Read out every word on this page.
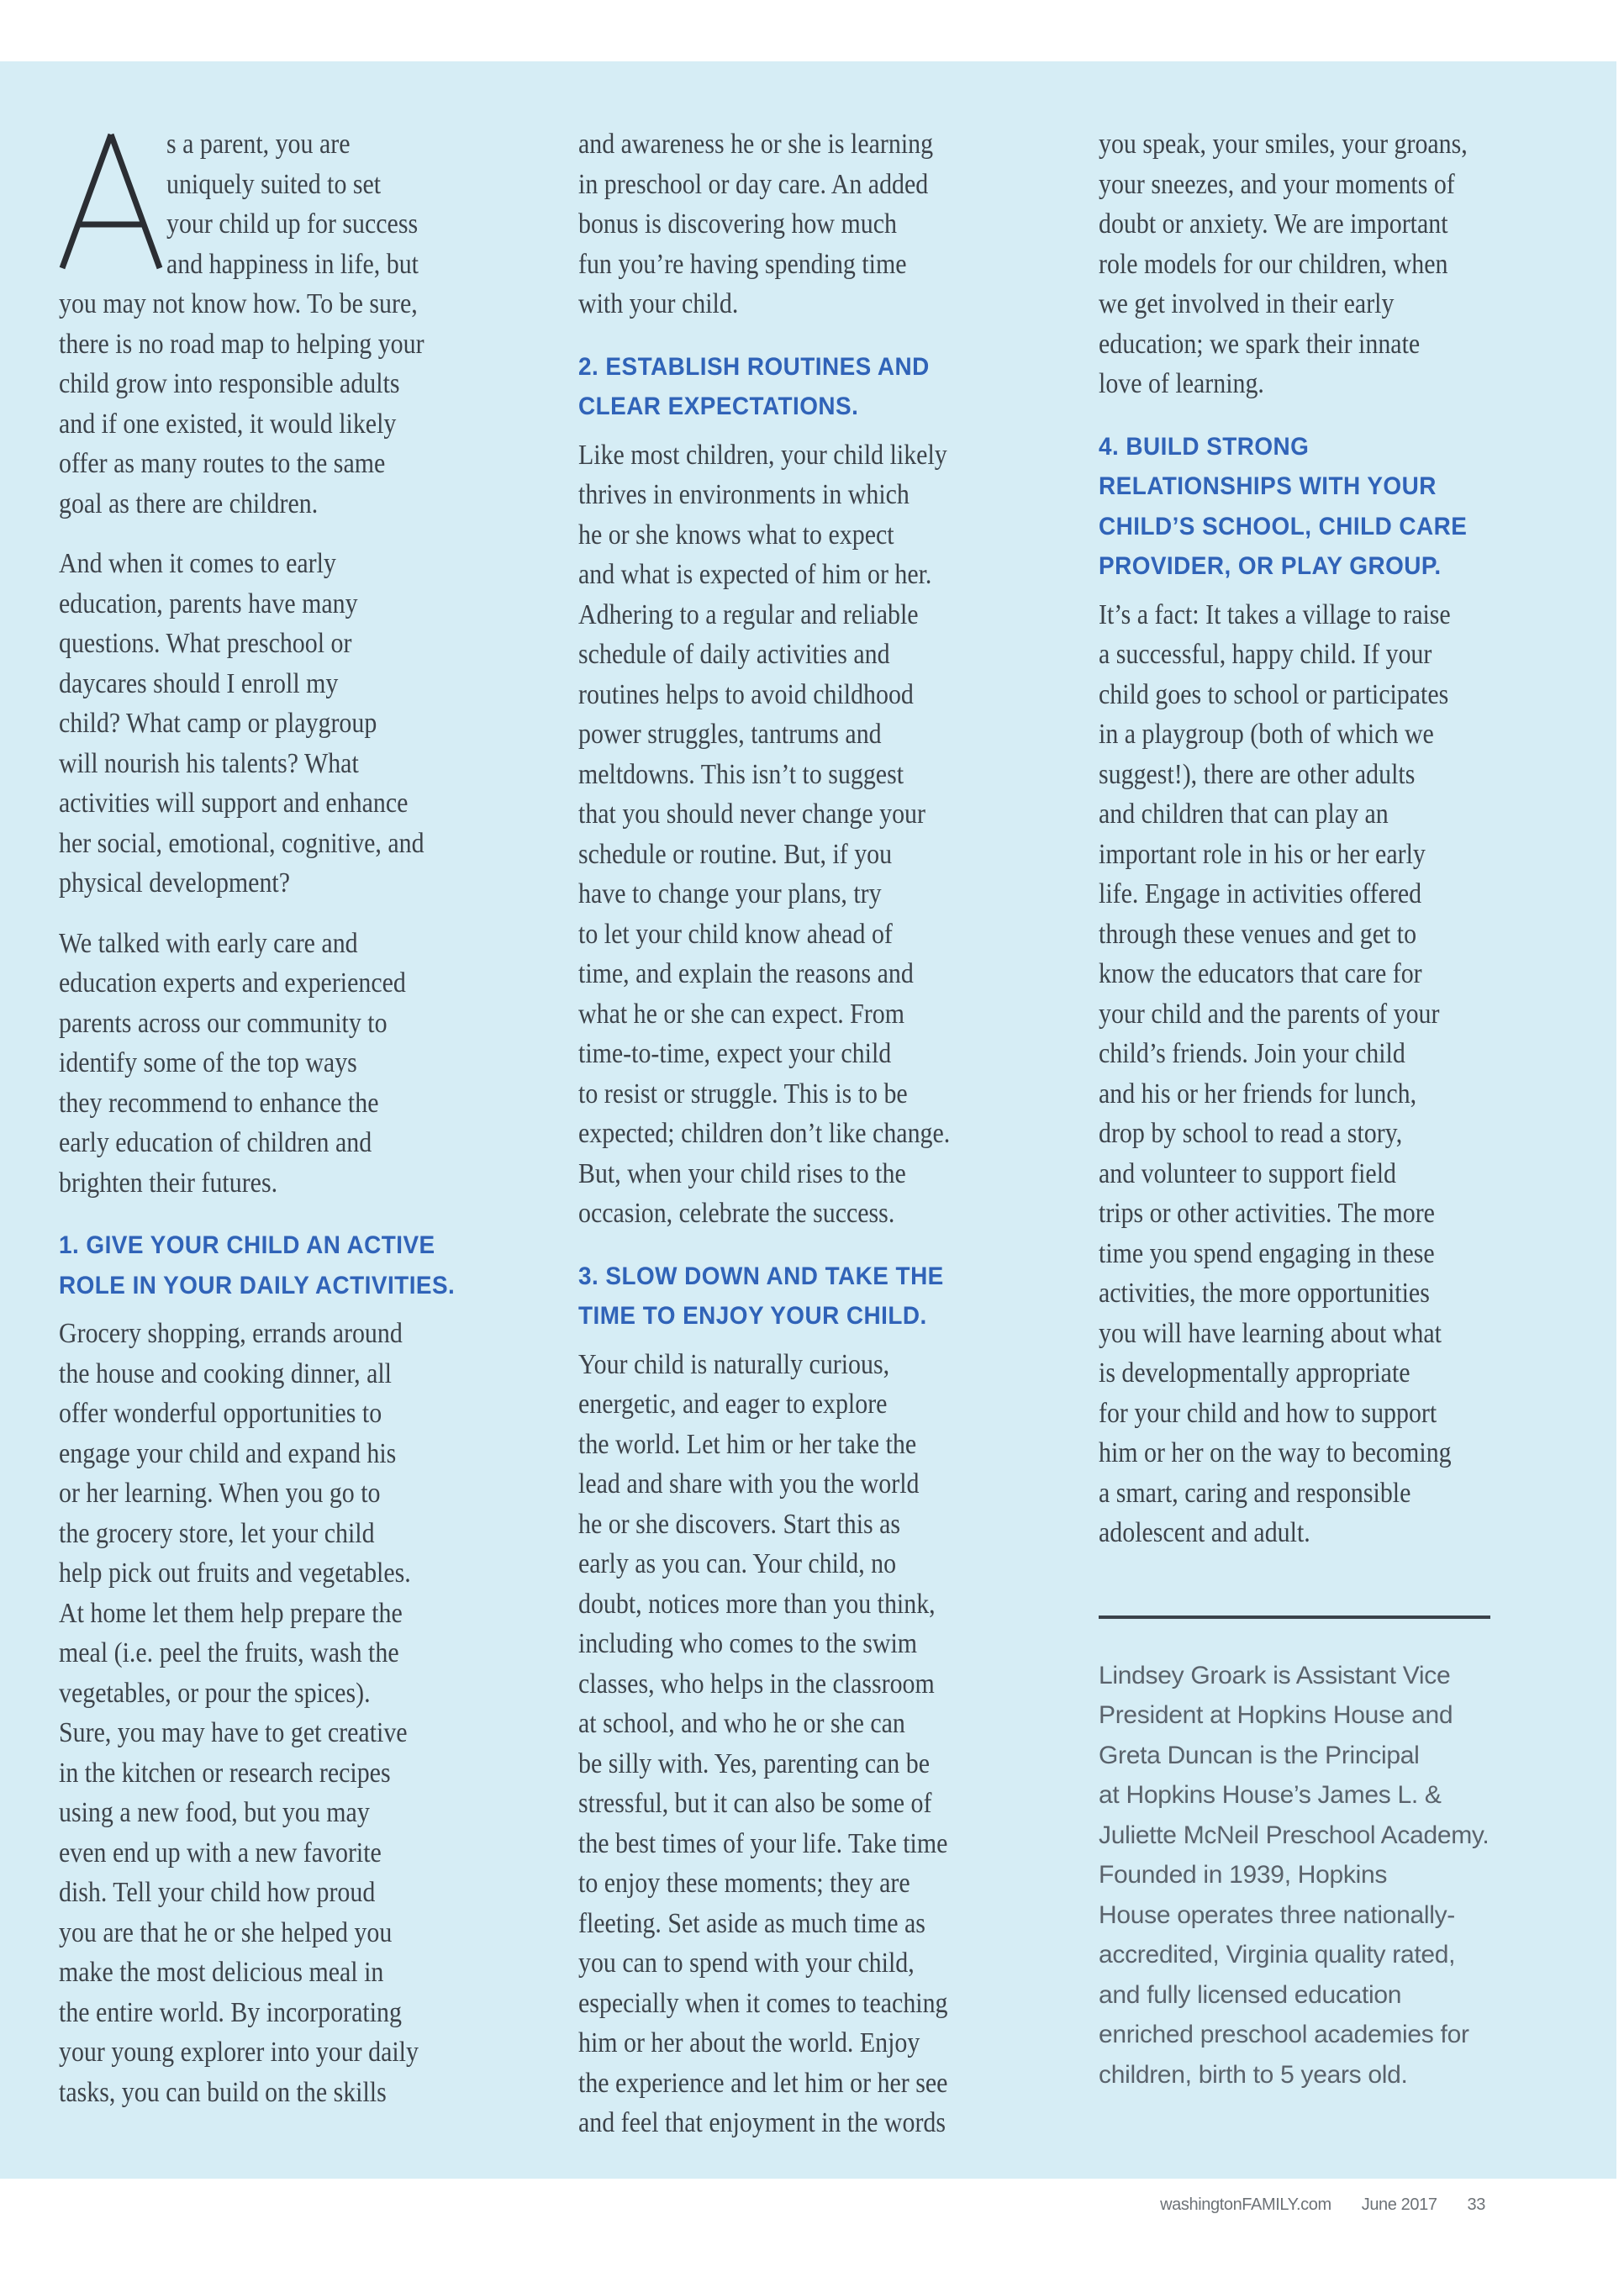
s a parent, you are
uniquely suited to set
your child up for success
and happiness in life, but
you may not know how. To be sure,
there is no road map to helping your
child grow into responsible adults
and if one existed, it would likely
offer as many routes to the same
goal as there are children.
And when it comes to early
education, parents have many
questions. What preschool or
daycares should I enroll my
child? What camp or playgroup
will nourish his talents? What
activities will support and enhance
her social, emotional, cognitive, and
physical development?
We talked with early care and
education experts and experienced
parents across our community to
identify some of the top ways
they recommend to enhance the
early education of children and
brighten their futures.
1. GIVE YOUR CHILD AN ACTIVE
ROLE IN YOUR DAILY ACTIVITIES.
Grocery shopping, errands around
the house and cooking dinner, all
offer wonderful opportunities to
engage your child and expand his
or her learning. When you go to
the grocery store, let your child
help pick out fruits and vegetables.
At home let them help prepare the
meal (i.e. peel the fruits, wash the
vegetables, or pour the spices).
Sure, you may have to get creative
in the kitchen or research recipes
using a new food, but you may
even end up with a new favorite
dish. Tell your child how proud
you are that he or she helped you
make the most delicious meal in
the entire world. By incorporating
your young explorer into your daily
tasks, you can build on the skills
and awareness he or she is learning
in preschool or day care. An added
bonus is discovering how much
fun you’re having spending time
with your child.
2. ESTABLISH ROUTINES AND
CLEAR EXPECTATIONS.
Like most children, your child likely
thrives in environments in which
he or she knows what to expect
and what is expected of him or her.
Adhering to a regular and reliable
schedule of daily activities and
routines helps to avoid childhood
power struggles, tantrums and
meltdowns. This isn’t to suggest
that you should never change your
schedule or routine. But, if you
have to change your plans, try
to let your child know ahead of
time, and explain the reasons and
what he or she can expect. From
time-to-time, expect your child
to resist or struggle. This is to be
expected; children don’t like change.
But, when your child rises to the
occasion, celebrate the success.
3. SLOW DOWN AND TAKE THE
TIME TO ENJOY YOUR CHILD.
Your child is naturally curious,
energetic, and eager to explore
the world. Let him or her take the
lead and share with you the world
he or she discovers. Start this as
early as you can. Your child, no
doubt, notices more than you think,
including who comes to the swim
classes, who helps in the classroom
at school, and who he or she can
be silly with. Yes, parenting can be
stressful, but it can also be some of
the best times of your life. Take time
to enjoy these moments; they are
fleeting. Set aside as much time as
you can to spend with your child,
especially when it comes to teaching
him or her about the world. Enjoy
the experience and let him or her see
and feel that enjoyment in the words
you speak, your smiles, your groans,
your sneezes, and your moments of
doubt or anxiety. We are important
role models for our children, when
we get involved in their early
education; we spark their innate
love of learning.
4. BUILD STRONG
RELATIONSHIPS WITH YOUR
CHILD’S SCHOOL, CHILD CARE
PROVIDER, OR PLAY GROUP.
It’s a fact: It takes a village to raise
a successful, happy child. If your
child goes to school or participates
in a playgroup (both of which we
suggest!), there are other adults
and children that can play an
important role in his or her early
life. Engage in activities offered
through these venues and get to
know the educators that care for
your child and the parents of your
child’s friends. Join your child
and his or her friends for lunch,
drop by school to read a story,
and volunteer to support field
trips or other activities. The more
time you spend engaging in these
activities, the more opportunities
you will have learning about what
is developmentally appropriate
for your child and how to support
him or her on the way to becoming
a smart, caring and responsible
adolescent and adult.
Lindsey Groark is Assistant Vice
President at Hopkins House and
Greta Duncan is the Principal
at Hopkins House’s James L. &
Juliette McNeil Preschool Academy.
Founded in 1939, Hopkins
House operates three nationally-
accredited, Virginia quality rated,
and fully licensed education
enriched preschool academies for
children, birth to 5 years old.
washingtonFAMILY.com June 2017 33
